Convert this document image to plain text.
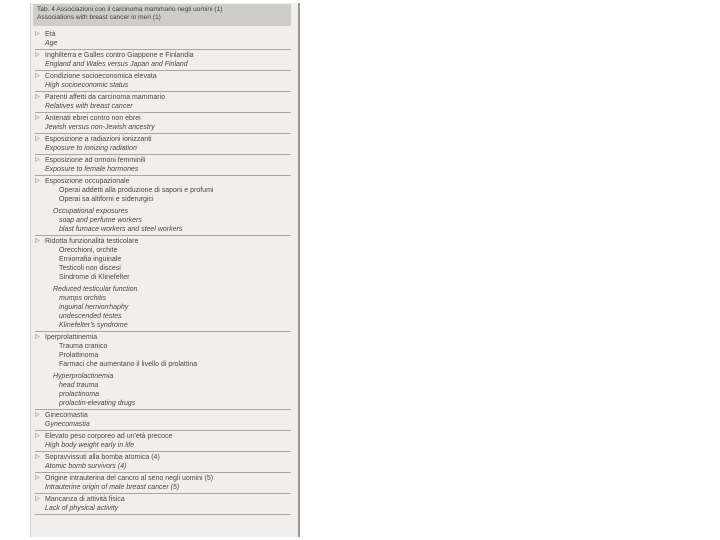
Tab. 4 Associazioni con il carcinoma mammario negli uomini (1)
Associations with breast cancer in men (1)
▷ Età
Age
▷ Inghilterra e Galles contro Giappone e Finlandia
England and Wales versus Japan and Finland
▷ Condizione socioeconomica elevata
High socioeconomic status
▷ Parenti affetti da carcinoma mammario
Relatives with breast cancer
▷ Antenati ebrei contro non ebrei
Jewish versus non-Jewish ancestry
▷ Esposizione a radiazioni ionizzanti
Exposure to ionizing radiation
▷ Esposizione ad ormoni femminili
Exposure to female hormones
▷ Esposizione occupazionale
Operai addetti alla produzione di saponi e profumi
Operai sa altiforni e siderurgici
Occupational exposures
soap and perfume workers
blast furnace workers and steel workers
▷ Ridotta funzionalità testicolare
Orecchioni, orchite
Erniorrafia inguinale
Testicoli non discesi
Sindrome di Klinefelter
Reduced testicular function
mumps orchitis
inguinal herniorrhaphy
undescended testes
Klinefelter's syndrome
▷ Iperprolattinemia
Trauma cranico
Prolattinoma
Farmaci che aumentano il livello di prolattina
Hyperprolactinemia
head trauma
prolactinoma
prolactin-elevating drugs
▷ Ginecomastia
Gynecomastia
▷ Elevato peso corporeo ad un'età precoce
High body weight early in life
▷ Sopravvissuti alla bomba atomica (4)
Atomic bomb survivors (4)
▷ Origine intrauterina del cancro al seno negli uomini (5)
Intrauterine origin of male breast cancer (5)
▷ Mancanza di attività fisica
Lack of physical activity
